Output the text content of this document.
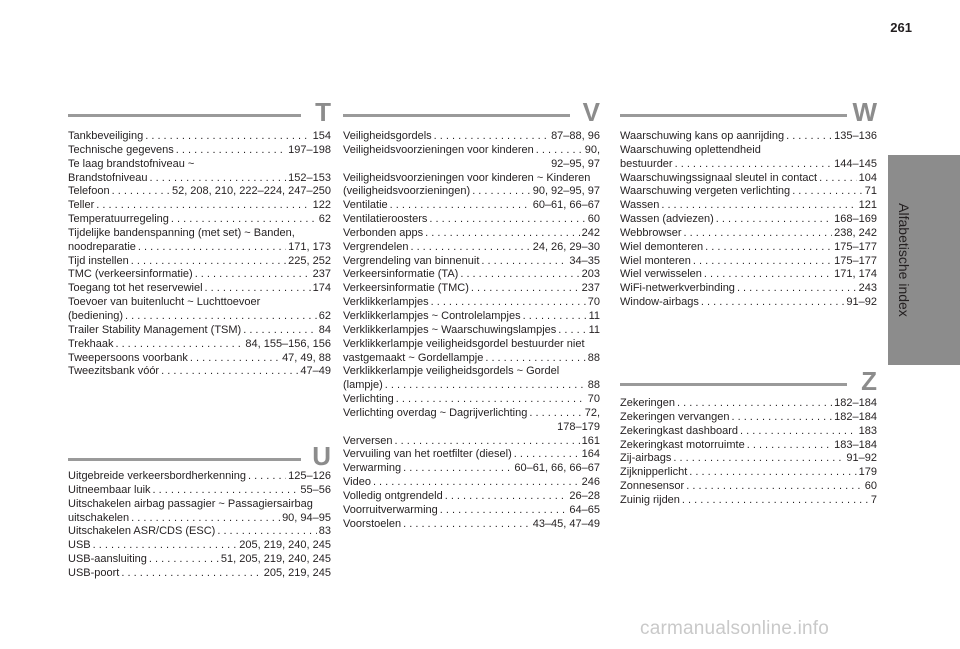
261
Alfabetische index
T
Tankbeveiliging . . .	154
Technische gegevens . . .	197–198
Te laag brandstofniveau ~
Brandstofniveau . . .	152–153
Telefoon . . .	52, 208, 210, 222–224, 247–250
Teller . . .	122
Temperatuurregeling . . .	62
Tijdelijke bandenspanning (met set) ~ Banden,
noodreparatie . . .	171, 173
Tijd instellen . . .	225, 252
TMC (verkeersinformatie) . . .	237
Toegang tot het reservewiel . . .	174
Toevoer van buitenlucht ~ Luchttoevoer
(bediening) . . .	62
Trailer Stability Management (TSM) . . .	84
Trekhaak . . .	84, 155–156, 156
Tweepersoons voorbank . . .	47, 49, 88
Tweezitsbank vóór . . .	47–49
U
Uitgebreide verkeersbordherkenning . . .	125–126
Uitneembaar luik . . .	55–56
Uitschakelen airbag passagier ~ Passagiersairbag
uitschakelen . . .	90, 94–95
Uitschakelen ASR/CDS (ESC) . . .	83
USB . . .	205, 219, 240, 245
USB-aansluiting . . .	51, 205, 219, 240, 245
USB-poort . . .	205, 219, 245
V
Veiligheidsgordels . . .	87–88, 96
Veiligheidsvoorzieningen voor kinderen . . .	90,
92–95, 97
Veiligheidsvoorzieningen voor kinderen ~ Kinderen
(veiligheidsvoorzieningen) . . .	90, 92–95, 97
Ventilatie . . .	60–61, 66–67
Ventilatieroosters . . .	60
Verbonden apps . . .	242
Vergrendelen . . .	24, 26, 29–30
Vergrendeling van binnenuit . . .	34–35
Verkeersinformatie (TA) . . .	203
Verkeersinformatie (TMC) . . .	237
Verklikkerlampjes . . .	70
Verklikkerlampjes ~ Controlelampjes . . .	11
Verklikkerlampjes ~ Waarschuwingslampjes . . .	11
Verklikkerlampje veiligheidsgordel bestuurder niet
vastgemaakt ~ Gordellampje . . .	88
Verklikkerlampje veiligheidsgordels ~ Gordel
(lampje) . . .	88
Verlichting . . .	70
Verlichting overdag ~ Dagrijverlichting . . .	72,
178–179
Verversen . . .	161
Vervuiling van het roetfilter (diesel) . . .	164
Verwarming . . .	60–61, 66, 66–67
Video . . .	246
Volledig ontgrendeld . . .	26–28
Voorruitverwarming . . .	64–65
Voorstoelen . . .	43–45, 47–49
W
Waarschuwing kans op aanrijding . . .	135–136
Waarschuwing oplettendheid
bestuurder . . .	144–145
Waarschuwingssignaal sleutel in contact . . .	104
Waarschuwing vergeten verlichting . . .	71
Wassen . . .	121
Wassen (adviezen) . . .	168–169
Webbrowser . . .	238, 242
Wiel demonteren . . .	175–177
Wiel monteren . . .	175–177
Wiel verwisselen . . .	171, 174
WiFi-netwerkverbinding . . .	243
Window-airbags . . .	91–92
Z
Zekeringen . . .	182–184
Zekeringen vervangen . . .	182–184
Zekeringkast dashboard . . .	183
Zekeringkast motorruimte . . .	183–184
Zij-airbags . . .	91–92
Zijknipperlicht . . .	179
Zonnesensor . . .	60
Zuinig rijden . . .	7
carmanualsonline.info
